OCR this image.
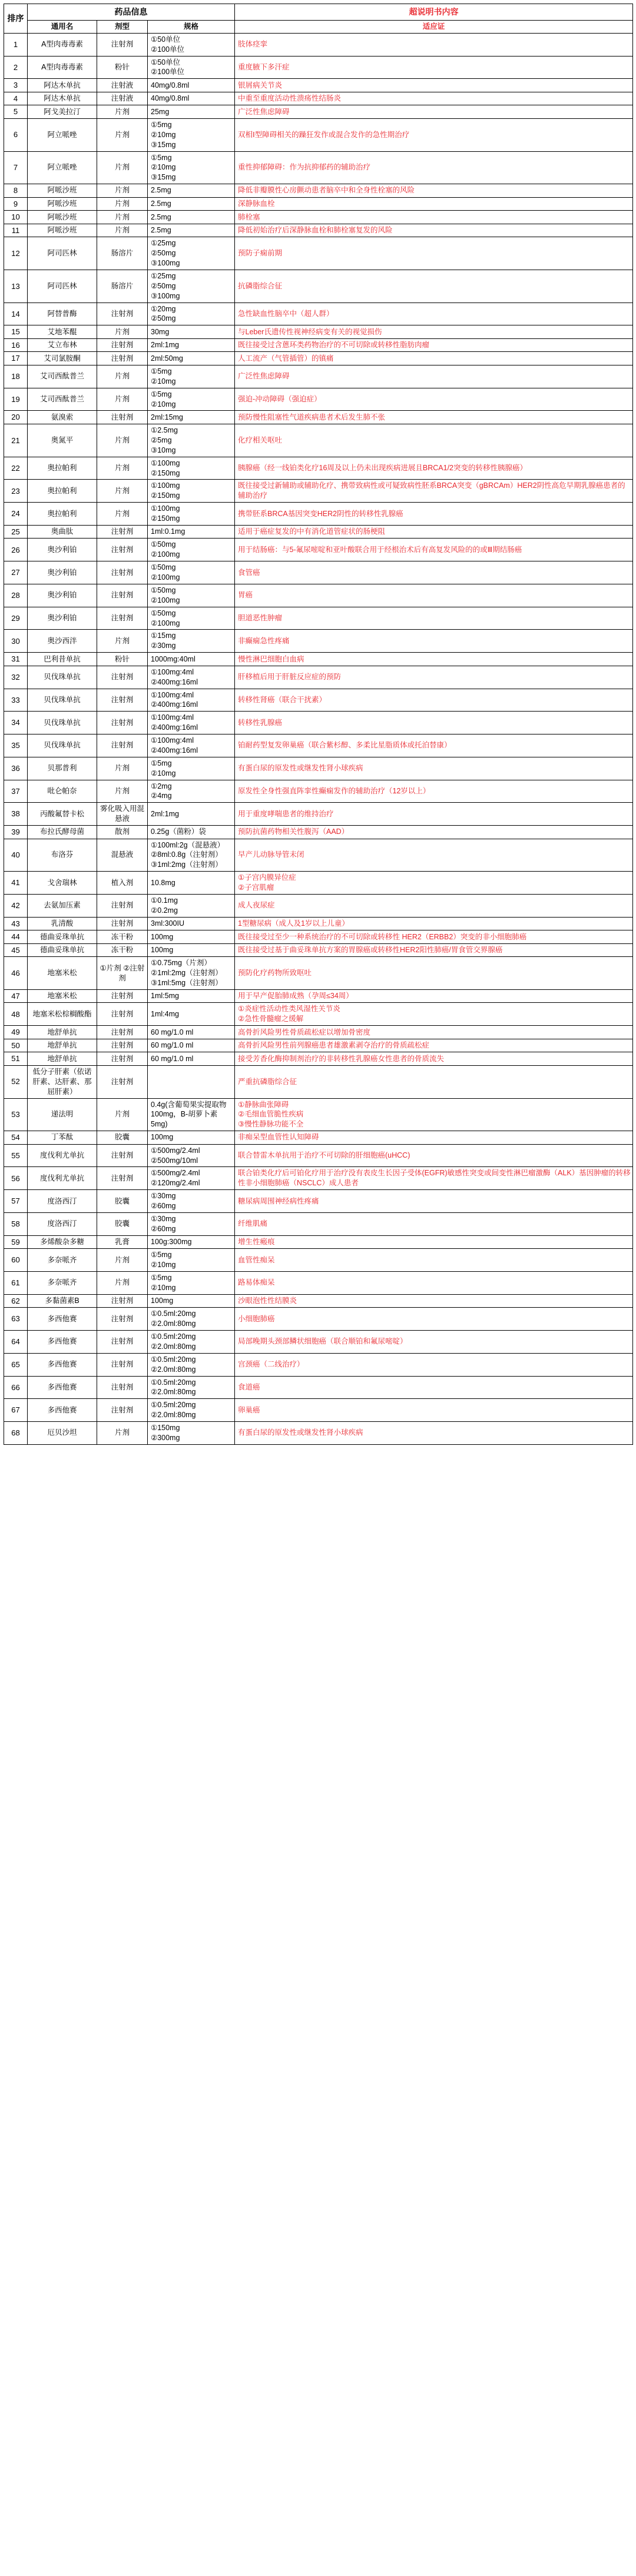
排序	药品信息			超说明书内容
	通用名	剂型	规格	适应证
1	A型肉毒毒素	注射剂	①50单位
②100单位	肢体痉挛

2	A型肉毒毒素	粉针	①50单位
②100单位	重度腋下多汗症

3	阿达木单抗	注射液	40mg/0.8ml	银屑病关节炎

4	阿达木单抗	注射液	40mg/0.8ml	中重至重度活动性溃疡性结肠炎

5	阿戈美拉汀	片剂	25mg	广泛性焦虑障碍

6	阿立哌唑	片剂	①5mg
②10mg
③15mg	双相Ⅰ型障碍相关的躁狂发作或混合发作的急性期治疗

7	阿立哌唑	片剂	①5mg
②10mg
③15mg	重性抑郁障碍：作为抗抑郁药的辅助治疗

8	阿哌沙班	片剂	2.5mg	降低非瓣膜性心房颤动患者脑卒中和全身性栓塞的风险

9	阿哌沙班	片剂	2.5mg	深静脉血栓

10	阿哌沙班	片剂	2.5mg	肺栓塞

11	阿哌沙班	片剂	2.5mg	降低初始治疗后深静脉血栓和肺栓塞复发的风险

12	阿司匹林	肠溶片	①25mg
②50mg
③100mg	预防子痫前期

13	阿司匹林	肠溶片	①25mg
②50mg
③100mg	抗磷脂综合征

14	阿替普酶	注射剂	①20mg
②50mg	急性缺血性脑卒中（超人群）

15	艾地苯醌	片剂	30mg	与Leber氏遗传性视神经病变有关的视觉损伤

16	艾立布林	注射剂	2ml:1mg	既往接受过含蒽环类药物治疗的不可切除或转移性脂肪肉瘤

17	艾司氯胺酮	注射剂	2ml:50mg	人工流产（气管插管）的镇痛

18	艾司西酞普兰	片剂	①5mg
②10mg	广泛性焦虑障碍

19	艾司西酞普兰	片剂	①5mg
②10mg	强迫-冲动障碍（强迫症）

20	氨溴索	注射剂	2ml:15mg	预防慢性阻塞性气道疾病患者术后发生肺不张

21	奥氮平	片剂	①2.5mg
②5mg
③10mg	化疗相关呕吐

22	奥拉帕利	片剂	①100mg
②150mg	胰腺癌（经一线铂类化疗16周及以上仍未出现疾病进展且BRCA1/2突变的转移性胰腺癌）

23	奥拉帕利	片剂	①100mg
②150mg	既往接受过新辅助或辅助化疗、携带致病性或可疑致病性胚系BRCA突变（gBRCAm）HER2阴性高危早期乳腺癌患者的辅助治疗

24	奥拉帕利	片剂	①100mg
②150mg	携带胚系BRCA基因突变HER2阴性的转移性乳腺癌

25	奥曲肽	注射剂	1ml:0.1mg	适用于癌症复发的中有消化道管症状的肠梗阻

26	奥沙利铂	注射剂	①50mg
②100mg	用于结肠癌：与5-氟尿嘧啶和亚叶酸联合用于经根治术后有高复发风险的的或Ⅲ期结肠癌

27	奥沙利铂	注射剂	①50mg
②100mg	食管癌

28	奥沙利铂	注射剂	①50mg
②100mg	胃癌

29	奥沙利铂	注射剂	①50mg
②100mg	胆道恶性肿瘤

30	奥沙西泮	片剂	①15mg
②30mg	非癫痫急性疼痛

31	巴利昔单抗	粉针	1000mg:40ml	慢性淋巴细胞白血病

32	贝伐珠单抗	注射剂	①100mg:4ml
②400mg:16ml	肝移植后用于肝脏反应症的预防

33	贝伐珠单抗	注射剂	①100mg:4ml
②400mg:16ml	转移性肾癌（联合干扰素）

34	贝伐珠单抗	注射剂	①100mg:4ml
②400mg:16ml	转移性乳腺癌

35	贝伐珠单抗	注射剂	①100mg:4ml
②400mg:16ml	铂耐药型复发卵巢癌（联合紫杉醇、多柔比星脂质体或托泊替康）

36	贝那普利	片剂	①5mg
②10mg	有蛋白尿的原发性或继发性肾小球疾病

37	吡仑帕奈	片剂	①2mg
②4mg	原发性全身性强直阵挛性癫痫发作的辅助治疗（12岁以上）

38	丙酸氟替卡松	雾化吸入用混悬液	2ml:1mg	用于重度哮喘患者的维持治疗

39	布拉氏酵母菌	散剂	0.25g（菌粉）袋	预防抗菌药物相关性腹泻（AAD）

40	布洛芬	混悬液	①100ml:2g（混悬液）
②8ml:0.8g（注射剂）
③1ml:2mg（注射剂）	早产儿动脉导管未闭

41	戈舍瑞林	植入剂	10.8mg	①子宫内膜异位症
②子宫肌瘤

42	去氨加压素	注射剂	①0.1mg
②0.2mg	成人夜尿症

43	乳清酸	注射剂	3ml:300IU	1型糖尿病（成人及1岁以上儿童）

44	德曲妥珠单抗	冻干粉	100mg	既往接受过至少一种系统治疗的不可切除或转移性 HER2（ERBB2）突变的非小细胞肺癌

45	德曲妥珠单抗	冻干粉	100mg	既往接受过基于曲妥珠单抗方案的胃腺癌或转移性HER2阳性肺癌/胃食管交界腺癌

46	地塞米松	①片剂 ②注射剂	①0.75mg（片剂）
②1ml:2mg（注射剂）
③1ml:5mg（注射剂）	预防化疗药物所致呕吐

47	地塞米松	注射剂	1ml:5mg	用于早产促胎肺成熟（孕周≤34周）

48	地塞米松棕榈酸酯	注射剂	1ml:4mg	①炎症性活动性类风湿性关节炎
②急性骨髓瘤之缓解

49	地舒单抗	注射剂	60 mg/1.0 ml	高骨折风险男性骨质疏松症以增加骨密度

50	地舒单抗	注射剂	60 mg/1.0 ml	高骨折风险男性前列腺癌患者雄激素剥夺治疗的骨质疏松症

51	地舒单抗	注射剂	60 mg/1.0 ml	接受芳香化酶抑制剂治疗的非转移性乳腺癌女性患者的骨质流失

52	低分子肝素（依诺肝素、达肝素、那屈肝素）	注射剂		严重抗磷脂综合征

53	递法明	片剂	0.4g(含葡萄果实提取物100mg，B-胡萝卜素5mg)	①静脉曲张障碍
②毛细血管脆性疾病
③慢性静脉功能不全

54	丁苯酞	胶囊	100mg	非痴呆型血管性认知障碍

55	度伐利尤单抗	注射剂	①500mg/2.4ml
②500mg/10ml	联合替雷木单抗用于治疗不可切除的肝细胞癌(uHCC)

56	度伐利尤单抗	注射剂	①500mg/2.4ml
②120mg/2.4ml	联合铂类化疗后可铂化疗用于治疗没有表皮生长因子受体(EGFR)敏感性突变或间变性淋巴瘤激酶（ALK）基因肿瘤的转移性非小细胞肺癌（NSCLC）成人患者

57	度洛西汀	胶囊	①30mg
②60mg	糖尿病周围神经病性疼痛

58	度洛西汀	胶囊	①30mg
②60mg	纤维肌痛

59	多烯酸杂多糖	乳膏	100g:300mg	增生性瘢痕

60	多奈哌齐	片剂	①5mg
②10mg	血管性痴呆

61	多奈哌齐	片剂	①5mg
②10mg	路易体痴呆

62	多黏菌素B	注射剂	100mg	沙眼泡性性结膜炎

63	多西他赛	注射剂	①0.5ml:20mg
②2.0ml:80mg	小细胞肺癌

64	多西他赛	注射剂	①0.5ml:20mg
②2.0ml:80mg	局部晚期头颈部鳞状细胞癌（联合顺铂和氟尿嘧啶）

65	多西他赛	注射剂	①0.5ml:20mg
②2.0ml:80mg	宫颈癌（二线治疗）

66	多西他赛	注射剂	①0.5ml:20mg
②2.0ml:80mg	食道癌

67	多西他赛	注射剂	①0.5ml:20mg
②2.0ml:80mg	卵巢癌

68	厄贝沙坦	片剂	①150mg
②300mg	有蛋白尿的原发性或继发性肾小球疾病
